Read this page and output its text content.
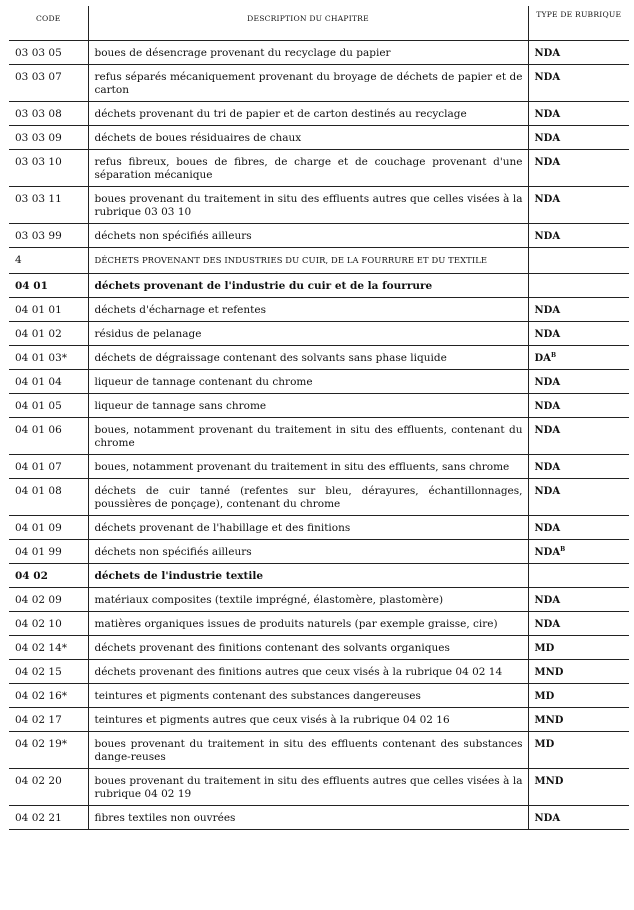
CODE	DESCRIPTION DU CHAPITRE	TYPE DE RUBRIQUE
03 03 05	boues de désencrage provenant du recyclage du papier	NDA
03 03 07	refus séparés mécaniquement provenant du broyage de déchets de papier et de carton	NDA
03 03 08	déchets provenant du tri de papier et de carton destinés au recyclage	NDA
03 03 09	déchets de boues résiduaires de chaux	NDA
03 03 10	refus fibreux, boues de fibres, de charge et de couchage provenant d'une séparation mécanique	NDA
03 03 11	boues provenant du traitement in situ des effluents autres que celles visées à la rubrique 03 03 10	NDA
03 03 99	déchets non spécifiés ailleurs	NDA
4	DÉCHETS PROVENANT DES INDUSTRIES DU CUIR, DE LA FOURRURE ET DU TEXTILE	
04 01	déchets provenant de l'industrie du cuir et de la fourrure	
04 01 01	déchets d'écharnage et refentes	NDA
04 01 02	résidus de pelanage	NDA
04 01 03*	déchets de dégraissage contenant des solvants sans phase liquide	$DA^B$
04 01 04	liqueur de tannage contenant du chrome	NDA
04 01 05	liqueur de tannage sans chrome	NDA
04 01 06	boues, notamment provenant du traitement in situ des effluents, contenant du chrome	NDA
04 01 07	boues, notamment provenant du traitement in situ des effluents, sans chrome	NDA
04 01 08	déchets de cuir tanné (refentes sur bleu, dérayures, échantillonnages, poussières de ponçage), contenant du chrome	NDA
04 01 09	déchets provenant de l'habillage et des finitions	NDA
04 01 99	déchets non spécifiés ailleurs	$NDA^B$
04 02	déchets de l'industrie textile	
04 02 09	matériaux composites (textile imprégné, élastomère, plastomère)	NDA
04 02 10	matières organiques issues de produits naturels (par exemple graisse, cire)	NDA
04 02 14*	déchets provenant des finitions contenant des solvants organiques	MD
04 02 15	déchets provenant des finitions autres que ceux visés à la rubrique 04 02 14	MND
04 02 16*	teintures et pigments contenant des substances dangereuses	MD
04 02 17	teintures et pigments autres que ceux visés à la rubrique 04 02 16	MND
04 02 19*	boues provenant du traitement in situ des effluents contenant des substances dange-reuses	MD
04 02 20	boues provenant du traitement in situ des effluents autres que celles visées à la rubrique 04 02 19	MND
04 02 21	fibres textiles non ouvrées	NDA
